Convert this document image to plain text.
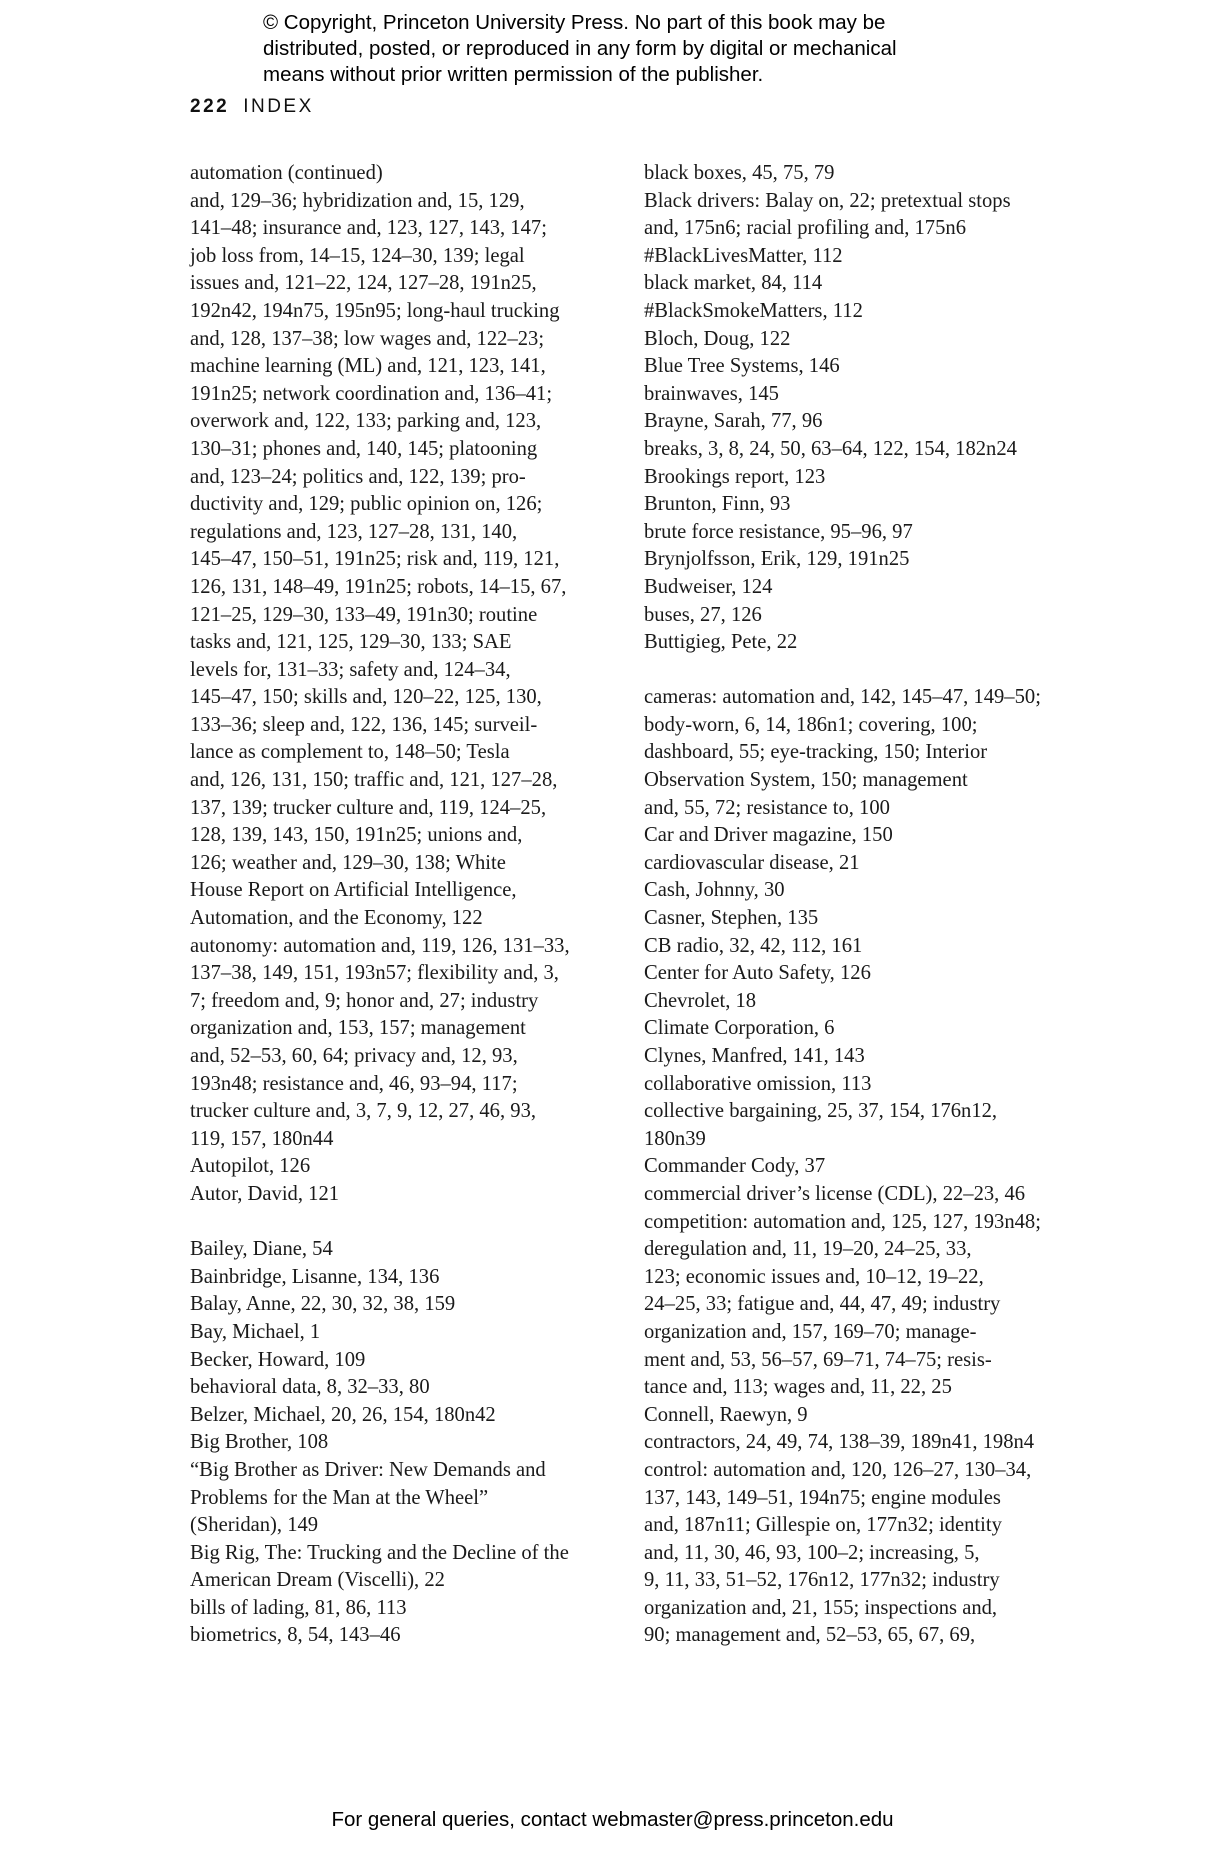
© Copyright, Princeton University Press. No part of this book may be
distributed, posted, or reproduced in any form by digital or mechanical
means without prior written permission of the publisher.
222 INDEX

automation (continued)
and, 129–36; hybridization and, 15, 129,
141–48; insurance and, 123, 127, 143, 147;
job loss from, 14–15, 124–30, 139; legal
issues and, 121–22, 124, 127–28, 191n25,
192n42, 194n75, 195n95; long-haul trucking
and, 128, 137–38; low wages and, 122–23;
machine learning (ML) and, 121, 123, 141,
191n25; network coordination and, 136–41;
overwork and, 122, 133; parking and, 123,
130–31; phones and, 140, 145; platooning
and, 123–24; politics and, 122, 139; pro-
ductivity and, 129; public opinion on, 126;
regulations and, 123, 127–28, 131, 140,
145–47, 150–51, 191n25; risk and, 119, 121,
126, 131, 148–49, 191n25; robots, 14–15, 67,
121–25, 129–30, 133–49, 191n30; routine
tasks and, 121, 125, 129–30, 133; SAE
levels for, 131–33; safety and, 124–34,
145–47, 150; skills and, 120–22, 125, 130,
133–36; sleep and, 122, 136, 145; surveil-
lance as complement to, 148–50; Tesla
and, 126, 131, 150; traffic and, 121, 127–28,
137, 139; trucker culture and, 119, 124–25,
128, 139, 143, 150, 191n25; unions and,
126; weather and, 129–30, 138; White
House Report on Artificial Intelligence,
Automation, and the Economy, 122

autonomy: automation and, 119, 126, 131–33,
137–38, 149, 151, 193n57; flexibility and, 3,
7; freedom and, 9; honor and, 27; industry
organization and, 153, 157; management
and, 52–53, 60, 64; privacy and, 12, 93,
193n48; resistance and, 46, 93–94, 117;
trucker culture and, 3, 7, 9, 12, 27, 46, 93,
119, 157, 180n44

Autopilot, 126

Autor, David, 121

Bailey, Diane, 54

Bainbridge, Lisanne, 134, 136

Balay, Anne, 22, 30, 32, 38, 159

Bay, Michael, 1

Becker, Howard, 109

behavioral data, 8, 32–33, 80

Belzer, Michael, 20, 26, 154, 180n42

Big Brother, 108

“Big Brother as Driver: New Demands and
Problems for the Man at the Wheel”
(Sheridan), 149

Big Rig, The: Trucking and the Decline of the
American Dream (Viscelli), 22

bills of lading, 81, 86, 113

biometrics, 8, 54, 143–46

black boxes, 45, 75, 79

Black drivers: Balay on, 22; pretextual stops
and, 175n6; racial profiling and, 175n6

#BlackLivesMatter, 112

black market, 84, 114

#BlackSmokeMatters, 112

Bloch, Doug, 122

Blue Tree Systems, 146

brainwaves, 145

Brayne, Sarah, 77, 96

breaks, 3, 8, 24, 50, 63–64, 122, 154, 182n24

Brookings report, 123

Brunton, Finn, 93

brute force resistance, 95–96, 97

Brynjolfsson, Erik, 129, 191n25

Budweiser, 124

buses, 27, 126

Buttigieg, Pete, 22

cameras: automation and, 142, 145–47, 149–50;
body-worn, 6, 14, 186n1; covering, 100;
dashboard, 55; eye-tracking, 150; Interior
Observation System, 150; management
and, 55, 72; resistance to, 100

Car and Driver magazine, 150

cardiovascular disease, 21

Cash, Johnny, 30

Casner, Stephen, 135

CB radio, 32, 42, 112, 161

Center for Auto Safety, 126

Chevrolet, 18

Climate Corporation, 6

Clynes, Manfred, 141, 143

collaborative omission, 113

collective bargaining, 25, 37, 154, 176n12,
180n39

Commander Cody, 37

commercial driver’s license (CDL), 22–23, 46

competition: automation and, 125, 127, 193n48;
deregulation and, 11, 19–20, 24–25, 33,
123; economic issues and, 10–12, 19–22,
24–25, 33; fatigue and, 44, 47, 49; industry
organization and, 157, 169–70; manage-
ment and, 53, 56–57, 69–71, 74–75; resis-
tance and, 113; wages and, 11, 22, 25

Connell, Raewyn, 9

contractors, 24, 49, 74, 138–39, 189n41, 198n4

control: automation and, 120, 126–27, 130–34,
137, 143, 149–51, 194n75; engine modules
and, 187n11; Gillespie on, 177n32; identity
and, 11, 30, 46, 93, 100–2; increasing, 5,
9, 11, 33, 51–52, 176n12, 177n32; industry
organization and, 21, 155; inspections and,
90; management and, 52–53, 65, 67, 69,

For general queries, contact webmaster@press.princeton.edu
